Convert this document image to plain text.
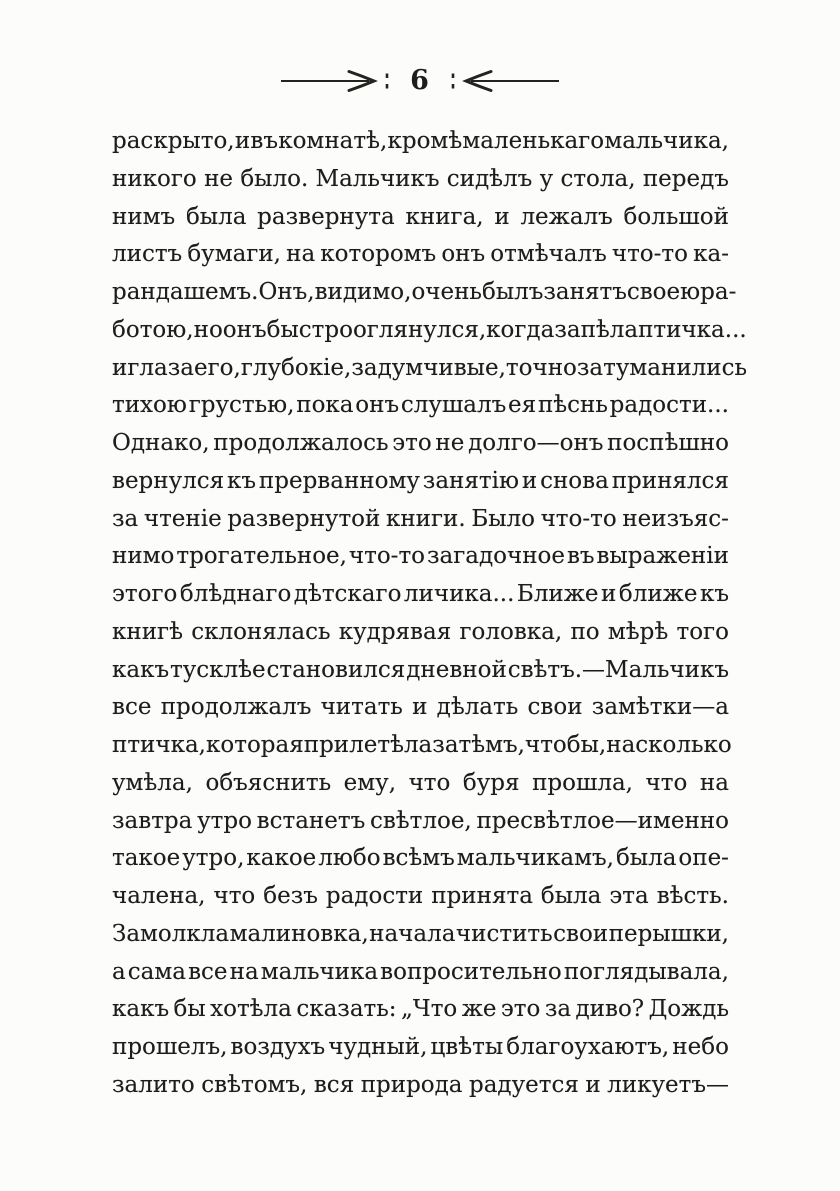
6
раскрыто, и въ комнатѣ, кромѣ маленькаго мальчика,
никого не было. Мальчикъ сидѣлъ у стола, передъ
нимъ была развернута книга, и лежалъ большой
листъ бумаги, на которомъ онъ отмѣчалъ что-то ка-
рандашемъ. Онъ, видимо, очень былъ занятъ своею ра-
ботою, но онъ быстро оглянулся, когда запѣла птичка...
и глаза его, глубокіе, задумчивые, точно затуманились
тихою грустью, пока онъ слушалъ ея пѣснь радости...
Однако, продолжалось это не долго—онъ поспѣшно
вернулся къ прерванному занятію и снова принялся
за чтеніе развернутой книги. Было что-то неизъяс-
нимо трогательное, что-то загадочное въ выраженіи
этого блѣднаго дѣтскаго личика... Ближе и ближе къ
книгѣ склонялась кудрявая головка, по мѣрѣ того
какъ тусклѣе становился дневной свѣтъ.—Мальчикъ
все продолжалъ читать и дѣлать свои замѣтки—а
птичка, которая прилетѣла за тѣмъ, чтобы, на сколько
умѣла, объяснить ему, что буря прошла, что на
завтра утро встанетъ свѣтлое, пресвѣтлое—именно
такое утро, какое любо всѣмъ мальчикамъ, была опе-
чалена, что безъ радости принята была эта вѣсть.
Замолкла малиновка, начала чистить свои перышки,
а сама все на мальчика вопросительно поглядывала,
какъ бы хотѣла сказать: „Что же это за диво? Дождь
прошелъ, воздухъ чудный, цвѣты благоухаютъ, небо
залито свѣтомъ, вся природа радуется и ликуетъ—
